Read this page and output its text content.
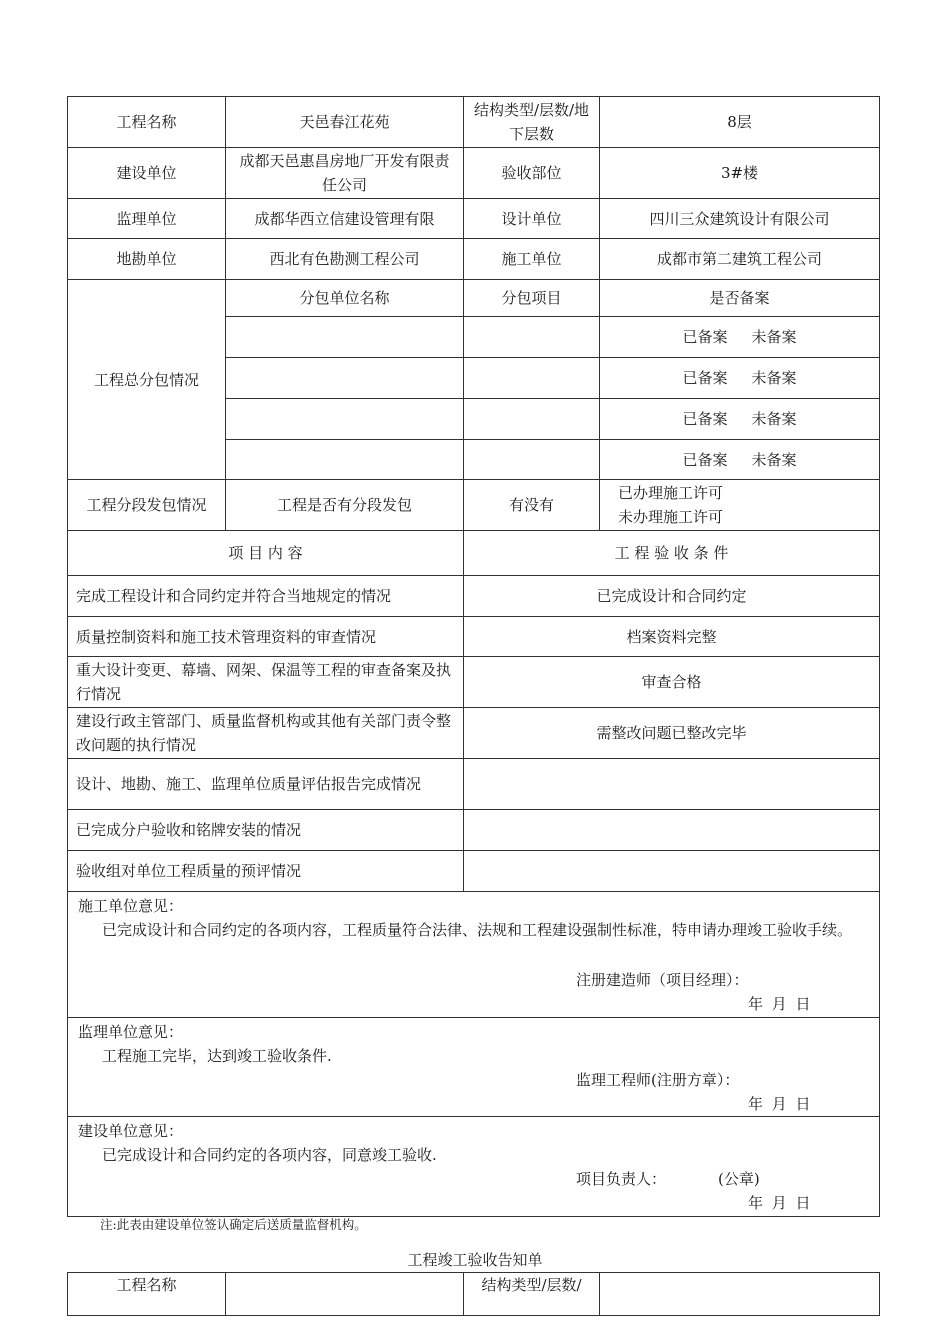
工程名称	天邑春江花苑	结构类型/层数/地下层数	8层
建设单位	成都天邑惠昌房地厂开发有限责任公司	验收部位	3#楼
监理单位	成都华西立信建设管理有限	设计单位	四川三众建筑设计有限公司
地勘单位	西北有色勘测工程公司	施工单位	成都市第二建筑工程公司
工程总分包情况	分包单位名称	分包项目	是否备案
			已备案 未备案
			已备案 未备案
			已备案 未备案
			已备案 未备案
工程分段发包情况	工程是否有分段发包	有没有	已办理施工许可
未办理施工许可

项 目 内 容		工 程 验 收 条 件	
完成工程设计和合同约定并符合当地规定的情况		已完成设计和合同约定	
质量控制资料和施工技术管理资料的审查情况		档案资料完整	
重大设计变更、幕墙、网架、保温等工程的审查备案及执行情况		审查合格	
建设行政主管部门、质量监督机构或其他有关部门责令整改问题的执行情况		需整改问题已整改完毕	
设计、地勘、施工、监理单位质量评估报告完成情况			
已完成分户验收和铭牌安装的情况			
验收组对单位工程质量的预评情况			

施工单位意见：
已完成设计和合同约定的各项内容，工程质量符合法律、法规和工程建设强制性标准，特申请办理竣工验收手续。
注册建造师（项目经理）：
年 月 日			

监理单位意见：
工程施工完毕，达到竣工验收条件.
监理工程师(注册方章）：
年 月 日			

建设单位意见：
已完成设计和合同约定的各项内容，同意竣工验收.
项目负责人： (公章)
年 月 日			
注:此表由建设单位签认确定后送质量监督机构。
工程竣工验收告知单
工程名称		结构类型/层数/	
